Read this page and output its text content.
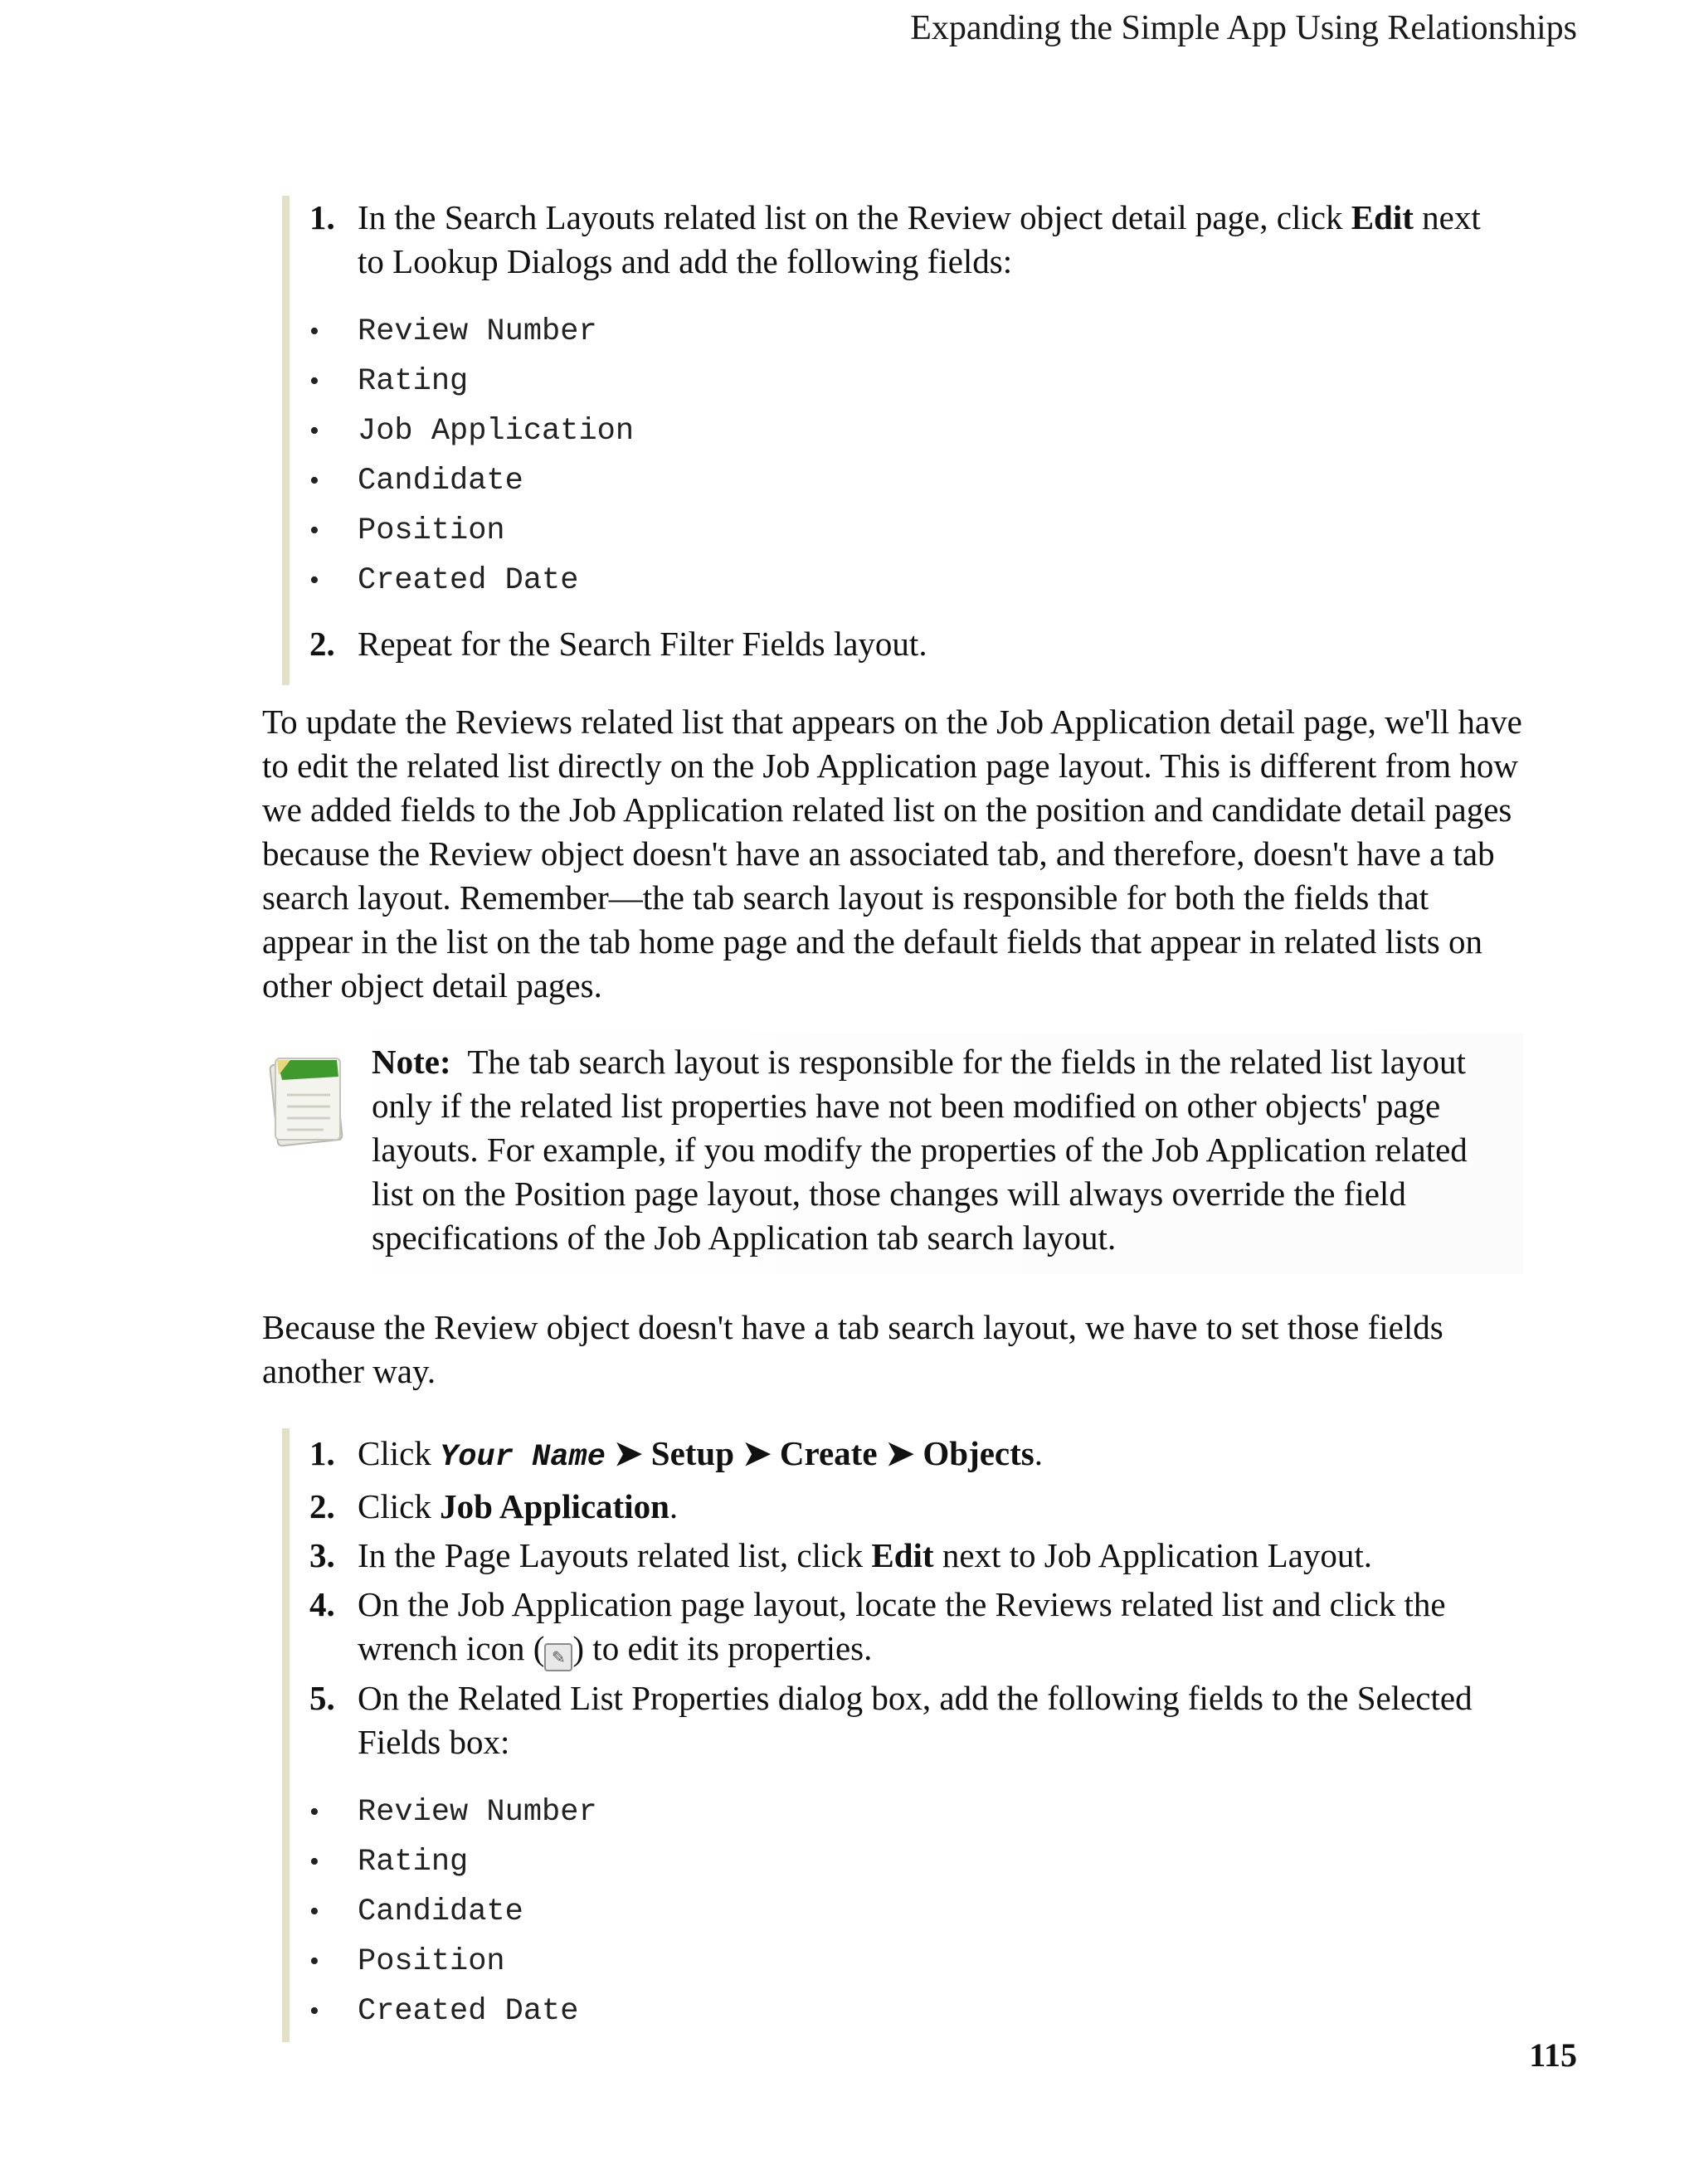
Expanding the Simple App Using Relationships
1. In the Search Layouts related list on the Review object detail page, click Edit next to Lookup Dialogs and add the following fields:
• Review Number
• Rating
• Job Application
• Candidate
• Position
• Created Date
2. Repeat for the Search Filter Fields layout.
To update the Reviews related list that appears on the Job Application detail page, we'll have to edit the related list directly on the Job Application page layout. This is different from how we added fields to the Job Application related list on the position and candidate detail pages because the Review object doesn't have an associated tab, and therefore, doesn't have a tab search layout. Remember—the tab search layout is responsible for both the fields that appear in the list on the tab home page and the default fields that appear in related lists on other object detail pages.
Note: The tab search layout is responsible for the fields in the related list layout only if the related list properties have not been modified on other objects' page layouts. For example, if you modify the properties of the Job Application related list on the Position page layout, those changes will always override the field specifications of the Job Application tab search layout.
Because the Review object doesn't have a tab search layout, we have to set those fields another way.
1. Click Your Name ➤ Setup ➤ Create ➤ Objects.
2. Click Job Application.
3. In the Page Layouts related list, click Edit next to Job Application Layout.
4. On the Job Application page layout, locate the Reviews related list and click the wrench icon ( ✎ ) to edit its properties.
5. On the Related List Properties dialog box, add the following fields to the Selected Fields box:
• Review Number
• Rating
• Candidate
• Position
• Created Date
115
